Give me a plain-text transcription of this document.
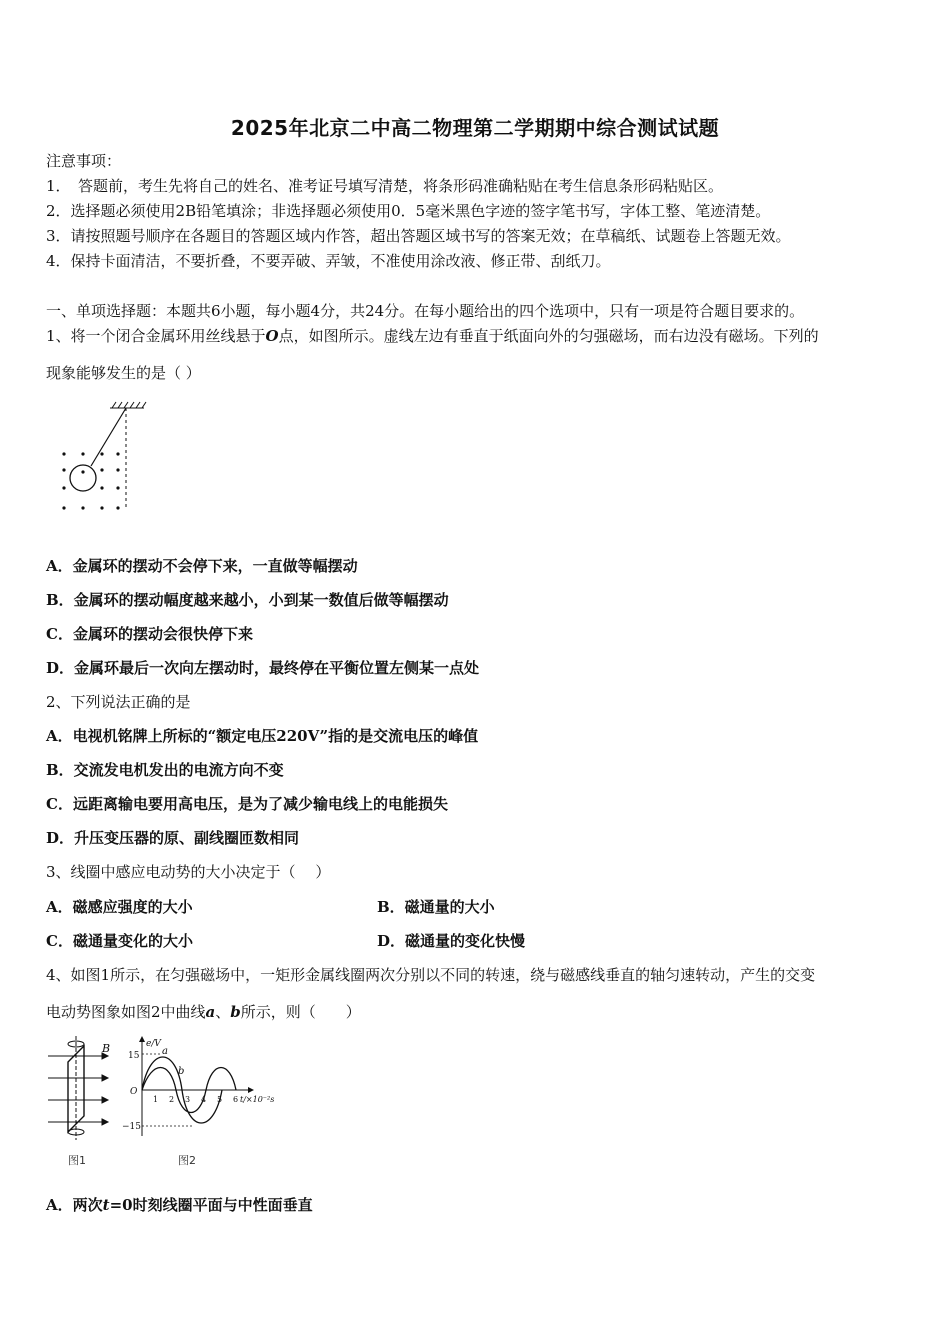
2025年北京二中高二物理第二学期期中综合测试试题
注意事项：
1．　答题前，考生先将自己的姓名、准考证号填写清楚，将条形码准确粘贴在考生信息条形码粘贴区。
2．选择题必须使用2B铅笔填涂；非选择题必须使用0．5毫米黑色字迹的签字笔书写，字体工整、笔迹清楚。
3．请按照题号顺序在各题目的答题区域内作答，超出答题区域书写的答案无效；在草稿纸、试题卷上答题无效。
4．保持卡面清洁，不要折叠，不要弄破、弄皱，不准使用涂改液、修正带、刮纸刀。
一、单项选择题：本题共6小题，每小题4分，共24分。在每小题给出的四个选项中，只有一项是符合题目要求的。
1、将一个闭合金属环用丝线悬于O点，如图所示。虚线左边有垂直于纸面向外的匀强磁场，而右边没有磁场。下列的
现象能够发生的是（ ）
A．金属环的摆动不会停下来，一直做等幅摆动
B．金属环的摆动幅度越来越小，小到某一数值后做等幅摆动
C．金属环的摆动会很快停下来
D．金属环最后一次向左摆动时，最终停在平衡位置左侧某一点处
2、下列说法正确的是
A．电视机铭牌上所标的“额定电压220V”指的是交流电压的峰值
B．交流发电机发出的电流方向不变
C．远距离输电要用高电压，是为了减少输电线上的电能损失
D．升压变压器的原、副线圈匝数相同
3、线圈中感应电动势的大小决定于（　 ）
A．磁感应强度的大小	B．磁通量的大小
C．磁通量变化的大小	D．磁通量的变化快慢
4、如图1所示，在匀强磁场中，一矩形金属线圈两次分别以不同的转速，绕与磁感线垂直的轴匀速转动，产生的交变
电动势图象如图2中曲线a、b所示，则（　　）
B
图1
e/V
t/×10⁻²s
15
−15
O
1 2 3 4 5 6
a
b
图2
A．两次t=0时刻线圈平面与中性面垂直
